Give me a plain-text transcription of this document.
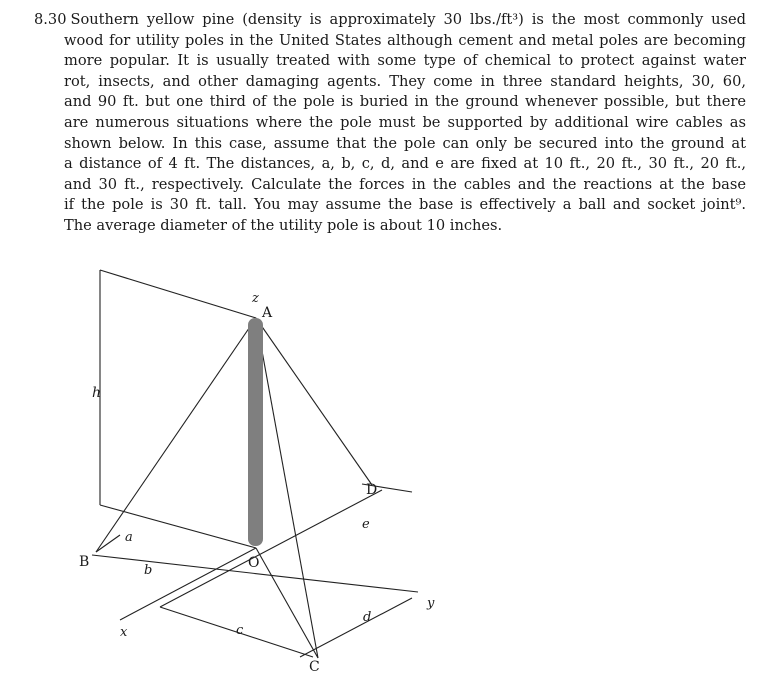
8.30 Southern yellow pine (density is approximately 30 lbs./ft³) is the most commonly used
wood for utility poles in the United States although cement and metal poles are becoming
more popular. It is usually treated with some type of chemical to protect against water
rot, insects, and other damaging agents. They come in three standard heights, 30, 60,
and 90 ft. but one third of the pole is buried in the ground whenever possible, but there
are numerous situations where the pole must be supported by additional wire cables as
shown below. In this case, assume that the pole can only be secured into the ground at
a distance of 4 ft. The distances, a, b, c, d, and e are fixed at 10 ft., 20 ft., 30 ft., 20 ft.,
and 30 ft., respectively. Calculate the forces in the cables and the reactions at the base
if the pole is 30 ft. tall. You may assume the base is effectively a ball and socket joint⁹.
The average diameter of the utility pole is about 10 inches.
z
A
h
D
e
a
B
b	O
y
d
x	c
C
